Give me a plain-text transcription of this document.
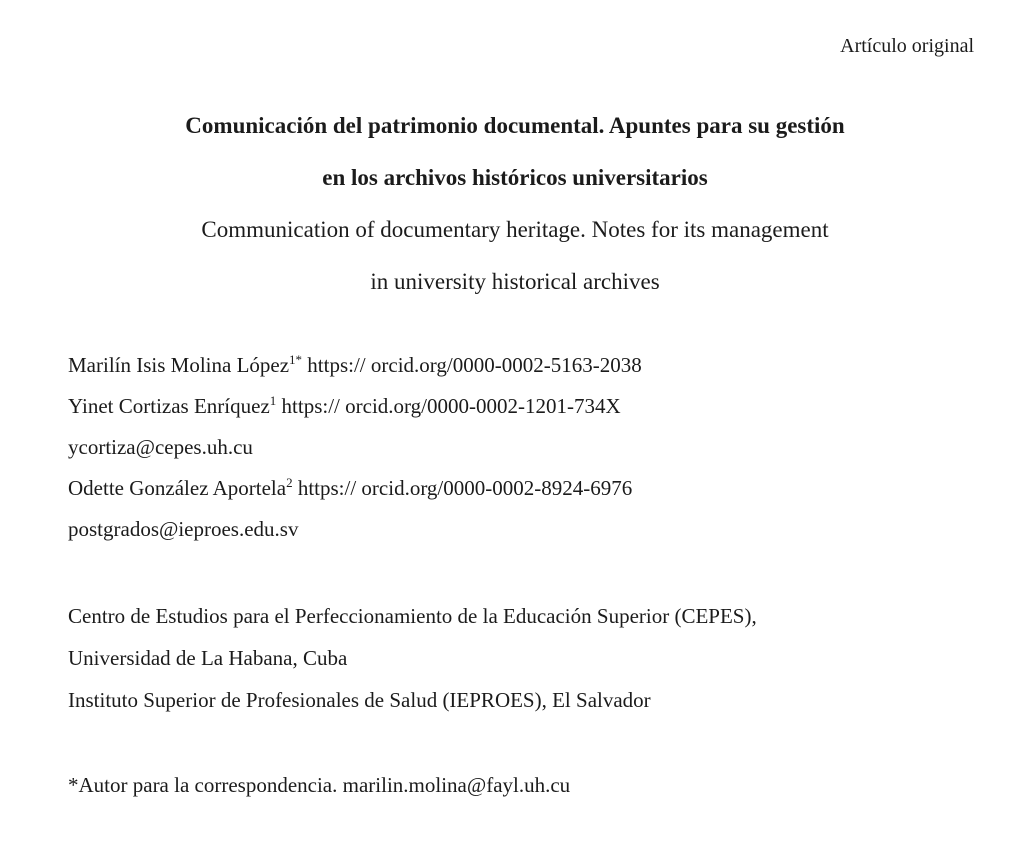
Artículo original
Comunicación del patrimonio documental. Apuntes para su gestión
en los archivos históricos universitarios
Communication of documentary heritage. Notes for its management
in university historical archives
Marilín Isis Molina López$^{1*}$ https:// orcid.org/0000-0002-5163-2038
Yinet Cortizas Enríquez$^1$ https:// orcid.org/0000-0002-1201-734X
ycortiza@cepes.uh.cu
Odette González Aportela$^2$ https:// orcid.org/0000-0002-8924-6976
postgrados@ieproes.edu.sv
Centro de Estudios para el Perfeccionamiento de la Educación Superior (CEPES),
Universidad de La Habana, Cuba
Instituto Superior de Profesionales de Salud (IEPROES), El Salvador
*Autor para la correspondencia. marilin.molina@fayl.uh.cu
